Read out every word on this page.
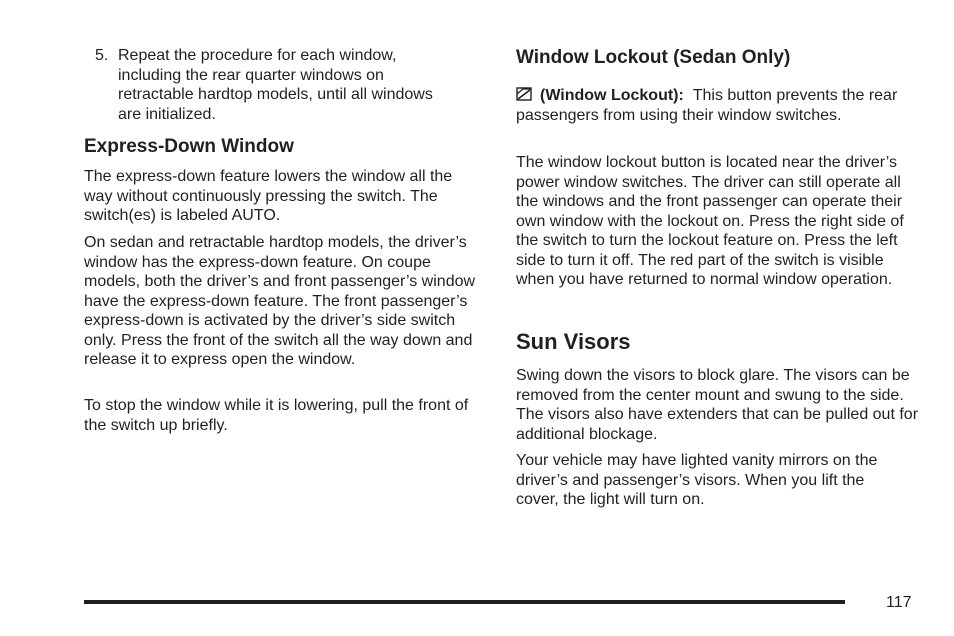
5. Repeat the procedure for each window, including the rear quarter windows on retractable hardtop models, until all windows are initialized.
Express-Down Window

The express-down feature lowers the window all the way without continuously pressing the switch. The switch(es) is labeled AUTO.

On sedan and retractable hardtop models, the driver’s window has the express-down feature. On coupe models, both the driver’s and front passenger’s window have the express-down feature. The front passenger’s express-down is activated by the driver’s side switch only. Press the front of the switch all the way down and release it to express open the window.

To stop the window while it is lowering, pull the front of the switch up briefly.

Window Lockout (Sedan Only)

(Window Lockout): This button prevents the rear passengers from using their window switches.

The window lockout button is located near the driver’s power window switches. The driver can still operate all the windows and the front passenger can operate their own window with the lockout on. Press the right side of the switch to turn the lockout feature on. Press the left side to turn it off. The red part of the switch is visible when you have returned to normal window operation.

Sun Visors

Swing down the visors to block glare. The visors can be removed from the center mount and swung to the side. The visors also have extenders that can be pulled out for additional blockage.

Your vehicle may have lighted vanity mirrors on the driver’s and passenger’s visors. When you lift the cover, the light will turn on.

117
